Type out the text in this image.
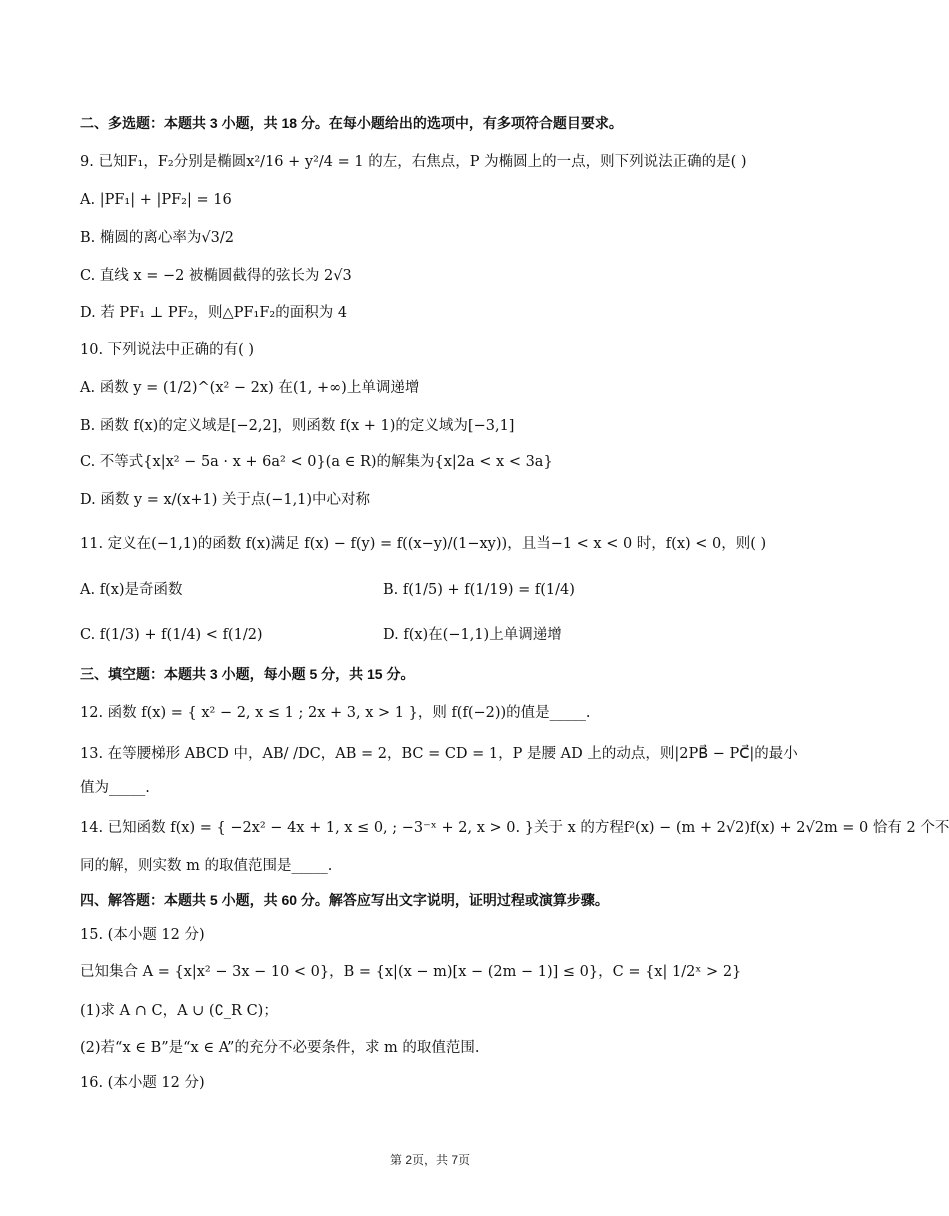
二、多选题：本题共 3 小题，共 18 分。在每小题给出的选项中，有多项符合题目要求。
9. 已知F₁，F₂分别是椭圆x²/16 + y²/4 = 1 的左，右焦点，P 为椭圆上的一点，则下列说法正确的是( )
A. |PF₁| + |PF₂| = 16
B. 椭圆的离心率为√3/2
C. 直线 x = −2 被椭圆截得的弦长为 2√3
D. 若 PF₁ ⊥ PF₂，则△PF₁F₂的面积为 4
10. 下列说法中正确的有( )
A. 函数 y = (1/2)^(x² − 2x) 在(1, +∞)上单调递增
B. 函数 f(x)的定义域是[−2,2]，则函数 f(x + 1)的定义域为[−3,1]
C. 不等式{x|x² − 5a · x + 6a² < 0}(a ∈ R)的解集为{x|2a < x < 3a}
D. 函数 y = x/(x+1) 关于点(−1,1)中心对称
11. 定义在(−1,1)的函数 f(x)满足 f(x) − f(y) = f((x−y)/(1−xy))，且当−1 < x < 0 时，f(x) < 0，则( )
A. f(x)是奇函数	B. f(1/5) + f(1/19) = f(1/4)
C. f(1/3) + f(1/4) < f(1/2)	D. f(x)在(−1,1)上单调递增
三、填空题：本题共 3 小题，每小题 5 分，共 15 分。
12. 函数 f(x) = { x² − 2, x ≤ 1 ; 2x + 3, x > 1 }，则 f(f(−2))的值是_____.
13. 在等腰梯形 ABCD 中，AB/ /DC，AB = 2，BC = CD = 1，P 是腰 AD 上的动点，则|2PB⃗ − PC⃗|的最小
值为_____.
14. 已知函数 f(x) = { −2x² − 4x + 1, x ≤ 0, ; −3⁻ˣ + 2, x > 0. }关于 x 的方程f²(x) − (m + 2√2)f(x) + 2√2m = 0 恰有 2 个不
同的解，则实数 m 的取值范围是_____.
四、解答题：本题共 5 小题，共 60 分。解答应写出文字说明，证明过程或演算步骤。
15. (本小题 12 分)
已知集合 A = {x|x² − 3x − 10 < 0}，B = {x|(x − m)[x − (2m − 1)] ≤ 0}，C = {x| 1/2ˣ > 2}
(1)求 A ∩ C，A ∪ (∁_R C)；
(2)若“x ∈ B”是“x ∈ A”的充分不必要条件，求 m 的取值范围.
16. (本小题 12 分)
第 2页，共 7页
